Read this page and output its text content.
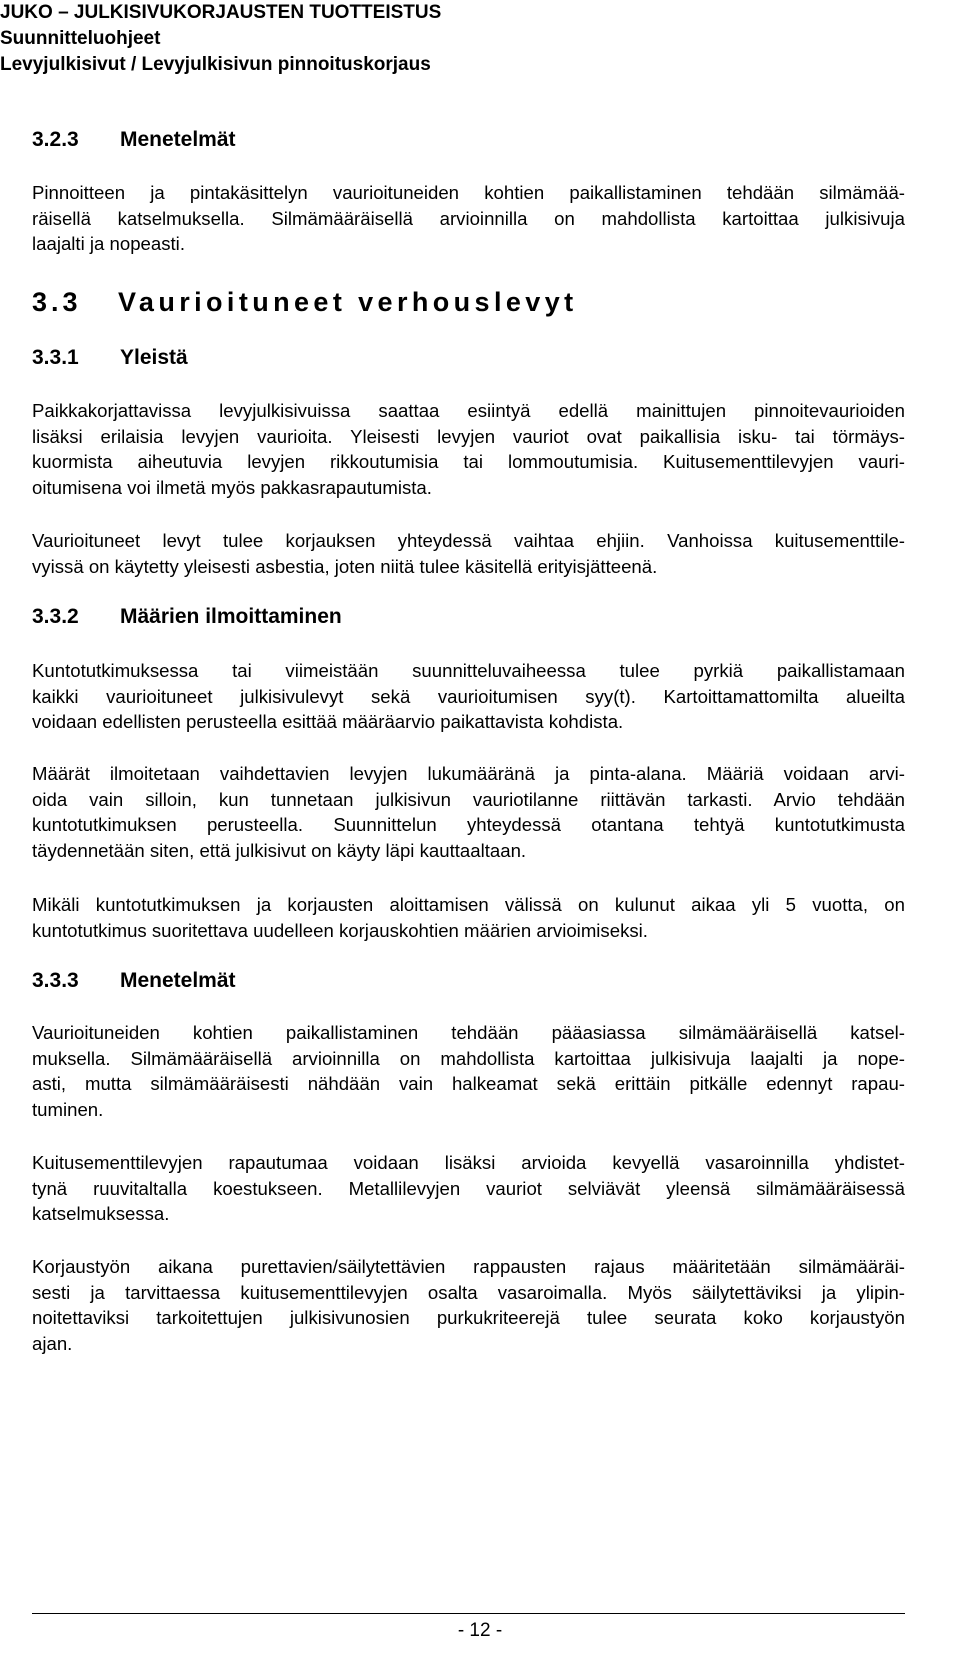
JUKO – JULKISIVUKORJAUSTEN TUOTTEISTUS
Suunnitteluohjeet
Levyjulkisivut / Levyjulkisivun pinnoituskorjaus
3.2.3 Menetelmät
Pinnoitteen ja pintakäsittelyn vaurioituneiden kohtien paikallistaminen tehdään silmämää-
räisellä katselmuksella. Silmämääräisellä arvioinnilla on mahdollista kartoittaa julkisivuja
laajalti ja nopeasti.
3.3 Vaurioituneet verhouslevyt
3.3.1 Yleistä
Paikkakorjattavissa levyjulkisivuissa saattaa esiintyä edellä mainittujen pinnoitevaurioiden
lisäksi erilaisia levyjen vaurioita. Yleisesti levyjen vauriot ovat paikallisia isku- tai törmäys-
kuormista aiheutuvia levyjen rikkoutumisia tai lommoutumisia. Kuitusementtilevyjen vauri-
oitumisena voi ilmetä myös pakkasrapautumista.
Vaurioituneet levyt tulee korjauksen yhteydessä vaihtaa ehjiin. Vanhoissa kuitusementtile-
vyissä on käytetty yleisesti asbestia, joten niitä tulee käsitellä erityisjätteenä.
3.3.2 Määrien ilmoittaminen
Kuntotutkimuksessa tai viimeistään suunnitteluvaiheessa tulee pyrkiä paikallistamaan
kaikki vaurioituneet julkisivulevyt sekä vaurioitumisen syy(t). Kartoittamattomilta alueilta
voidaan edellisten perusteella esittää määräarvio paikattavista kohdista.
Määrät ilmoitetaan vaihdettavien levyjen lukumääränä ja pinta-alana. Määriä voidaan arvi-
oida vain silloin, kun tunnetaan julkisivun vauriotilanne riittävän tarkasti. Arvio tehdään
kuntotutkimuksen perusteella. Suunnittelun yhteydessä otantana tehtyä kuntotutkimusta
täydennetään siten, että julkisivut on käyty läpi kauttaaltaan.
Mikäli kuntotutkimuksen ja korjausten aloittamisen välissä on kulunut aikaa yli 5 vuotta, on
kuntotutkimus suoritettava uudelleen korjauskohtien määrien arvioimiseksi.
3.3.3 Menetelmät
Vaurioituneiden kohtien paikallistaminen tehdään pääasiassa silmämääräisellä katsel-
muksella. Silmämääräisellä arvioinnilla on mahdollista kartoittaa julkisivuja laajalti ja nope-
asti, mutta silmämääräisesti nähdään vain halkeamat sekä erittäin pitkälle edennyt rapau-
tuminen.
Kuitusementtilevyjen rapautumaa voidaan lisäksi arvioida kevyellä vasaroinnilla yhdistet-
tynä ruuvitaltalla koestukseen. Metallilevyjen vauriot selviävät yleensä silmämääräisessä
katselmuksessa.
Korjaustyön aikana purettavien/säilytettävien rappausten rajaus määritetään silmämääräi-
sesti ja tarvittaessa kuitusementtilevyjen osalta vasaroimalla. Myös säilytettäviksi ja ylipin-
noitettaviksi tarkoitettujen julkisivunosien purkukriteerejä tulee seurata koko korjaustyön
ajan.
- 12 -
